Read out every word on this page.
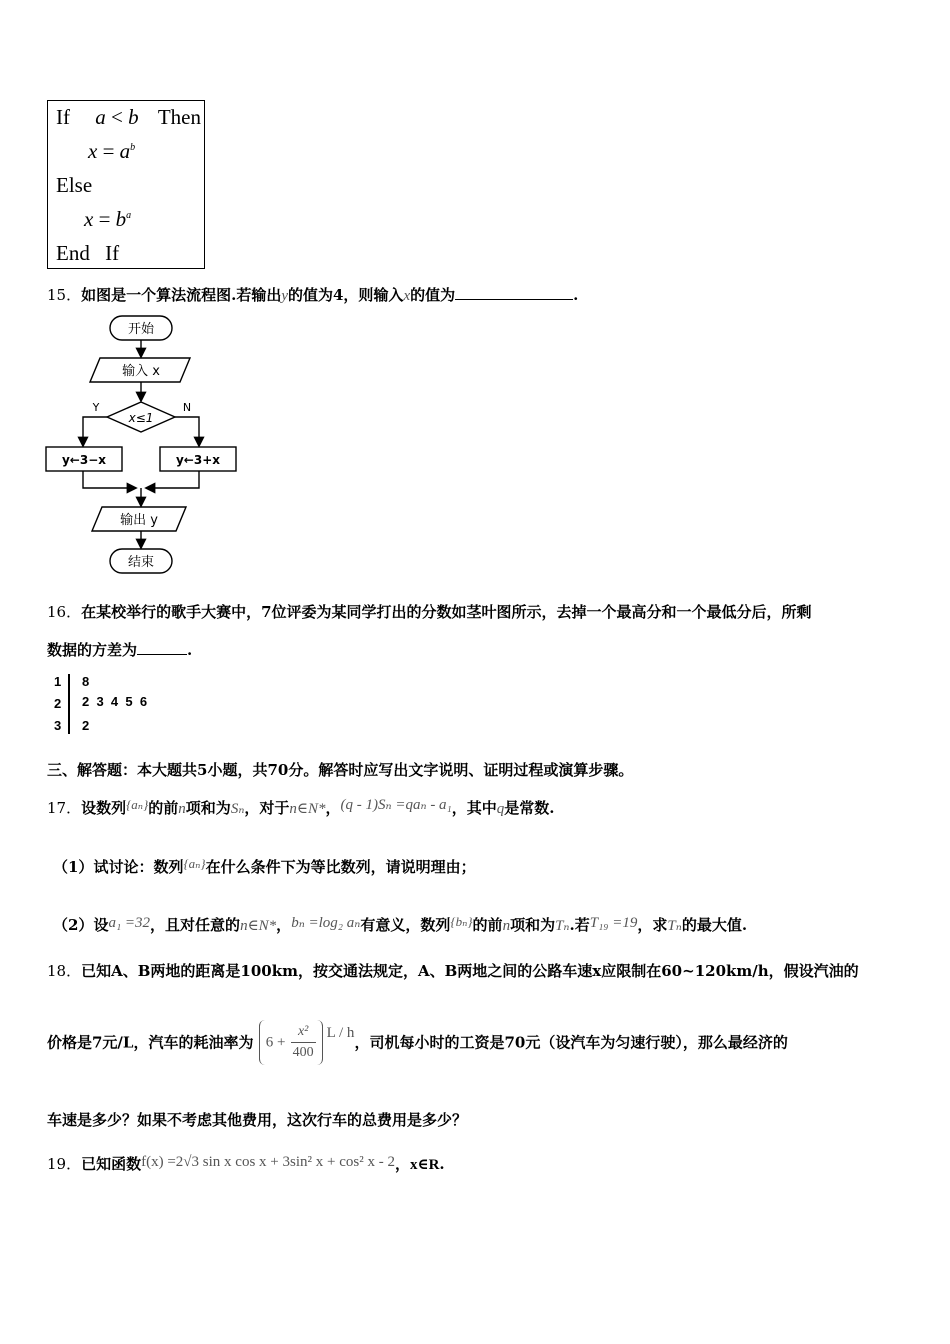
If a < b Then
$x = a^b$
Else
$x = b^a$
End If
15．如图是一个算法流程图.若输出y的值为4，则输入x的值为	.
开始
输入 x
x≤1
Y	N
y←3−x	y←3+x
输出 y
结束
16．在某校举行的歌手大赛中，7位评委为某同学打出的分数如茎叶图所示，去掉一个最高分和一个最低分后，所剩
数据的方差为	.
1 8
2 2  3  4  5  6
3 2
三、解答题：本大题共5小题，共70分。解答时应写出文字说明、证明过程或演算步骤。
17．设数列{aₙ}的前n项和为Sₙ，对于n∈N*，(q - 1)Sₙ =qaₙ - a₁，其中q是常数.
（1）试讨论：数列{aₙ}在什么条件下为等比数列，请说明理由；
（2）设a₁ =32，且对任意的n∈N*，bₙ =log₂ aₙ有意义，数列{bₙ}的前n项和为Tₙ.若T₁₉ =19，求Tₙ的最大值.
18．已知A、B两地的距离是100km，按交通法规定，A、B两地之间的公路车速x应限制在60~120km/h，假设汽油的
价格是7元/L，汽车的耗油率为 $6 + \frac{\text{x²}}{400}$ L / h，司机每小时的工资是70元（设汽车为匀速行驶），那么最经济的
车速是多少？如果不考虑其他费用，这次行车的总费用是多少？
19．已知函数f(x) =2√3 sin x cos x + 3sin² x + cos² x - 2，x∈R.
